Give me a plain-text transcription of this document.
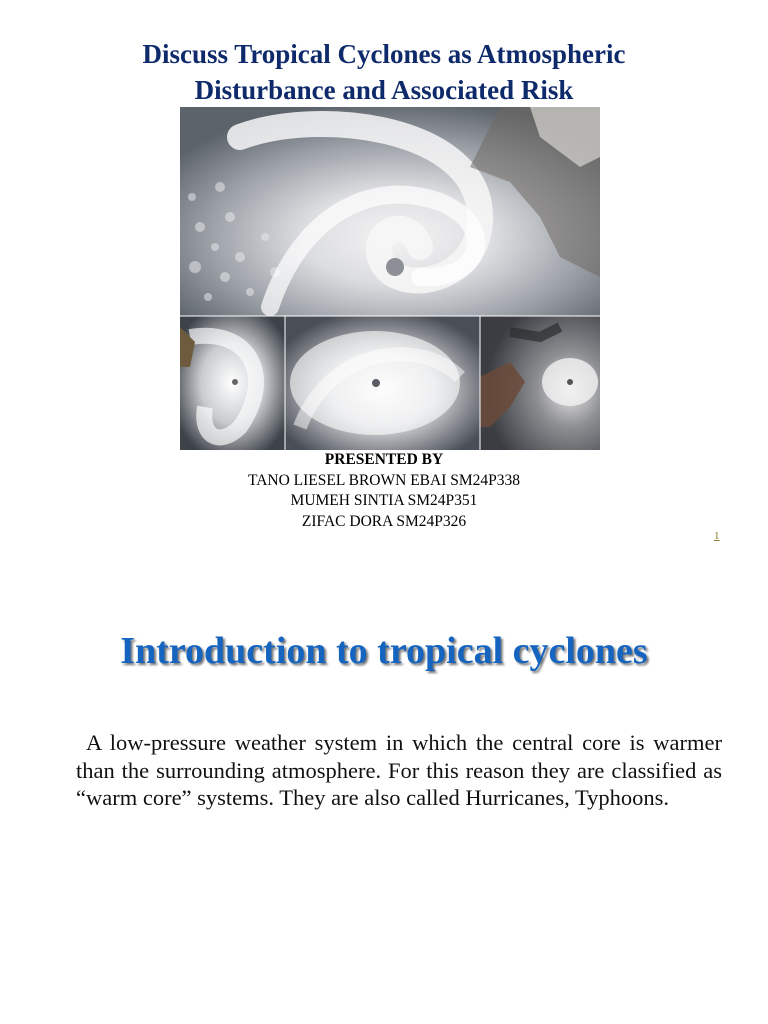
Discuss Tropical Cyclones as Atmospheric
Disturbance and Associated Risk
PRESENTED BY
TANO LIESEL BROWN EBAI SM24P338
MUMEH SINTIA SM24P351
ZIFAC DORA SM24P326
1
Introduction to tropical cyclones
A low-pressure weather system in which the central core is warmer than the surrounding atmosphere. For this reason they are classified as “warm core” systems. They are also called Hurricanes, Typhoons.
